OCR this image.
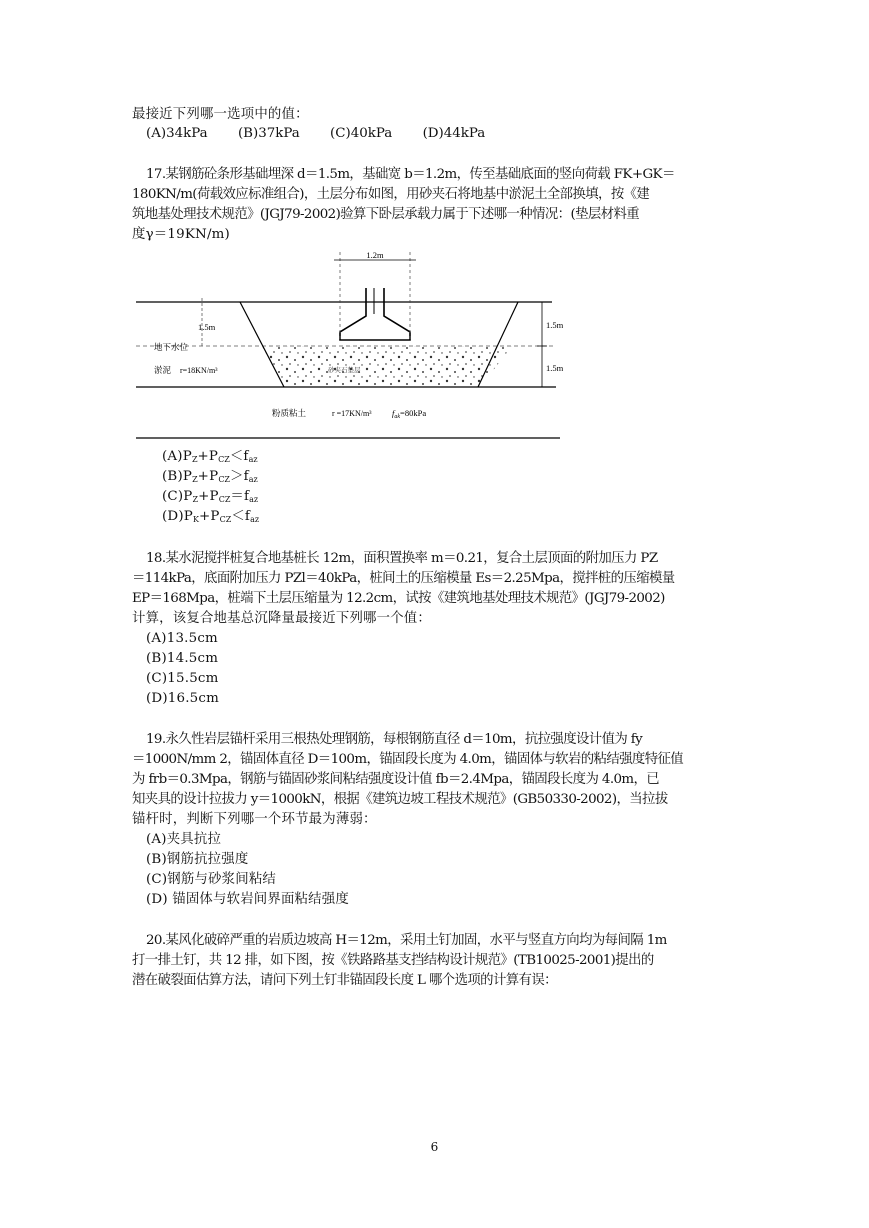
最接近下列哪一选项中的值：
(A)34kPa (B)37kPa (C)40kPa (D)44kPa
17.某钢筋砼条形基础埋深 d＝1.5m，基础宽 b＝1.2m，传至基础底面的竖向荷载 FK+GK＝
180KN/m(荷载效应标准组合)，土层分布如图，用砂夹石将地基中淤泥土全部换填，按《建
筑地基处理技术规范》(JGJ79-2002)验算下卧层承载力属于下述哪一种情况：(垫层材料重
度γ＝19KN/m)
1.2m
1.5m	1.5m
1.5m
地下水位
淤泥 r=18KN/m³	砂夹石垫层
粉质粘土	r =17KN/m³ $f_{ak}=80kPa$
$(A)P_Z+P_{CZ}<f_{az}$
$(B)P_Z+P_{CZ}>f_{az}$
$(C)P_Z+P_{CZ}=f_{az}$
$(D)P_K+P_{CZ}<f_{az}$
18.某水泥搅拌桩复合地基桩长 12m，面积置换率 m＝0.21，复合土层顶面的附加压力 PZ
＝114kPa，底面附加压力 PZl＝40kPa，桩间土的压缩模量 Es＝2.25Mpa，搅拌桩的压缩模量
EP＝168Mpa，桩端下土层压缩量为 12.2cm，试按《建筑地基处理技术规范》(JGJ79-2002)
计算，该复合地基总沉降量最接近下列哪一个值：
(A)13.5cm
(B)14.5cm
(C)15.5cm
(D)16.5cm
19.永久性岩层锚杆采用三根热处理钢筋，每根钢筋直径 d＝10m，抗拉强度设计值为 fy
＝1000N/mm 2，锚固体直径 D＝100m，锚固段长度为 4.0m，锚固体与软岩的粘结强度特征值
为 frb＝0.3Mpa，钢筋与锚固砂浆间粘结强度设计值 fb＝2.4Mpa，锚固段长度为 4.0m，已
知夹具的设计拉拔力 y＝1000kN，根据《建筑边坡工程技术规范》(GB50330-2002)，当拉拔
锚杆时，判断下列哪一个环节最为薄弱：
(A)夹具抗拉
(B)钢筋抗拉强度
(C)钢筋与砂浆间粘结
(D) 锚固体与软岩间界面粘结强度
20.某风化破碎严重的岩质边坡高 H＝12m，采用土钉加固，水平与竖直方向均为每间隔 1m
打一排土钉，共 12 排，如下图，按《铁路路基支挡结构设计规范》(TB10025-2001)提出的
潜在破裂面估算方法，请问下列土钉非锚固段长度 L 哪个选项的计算有误：
6
